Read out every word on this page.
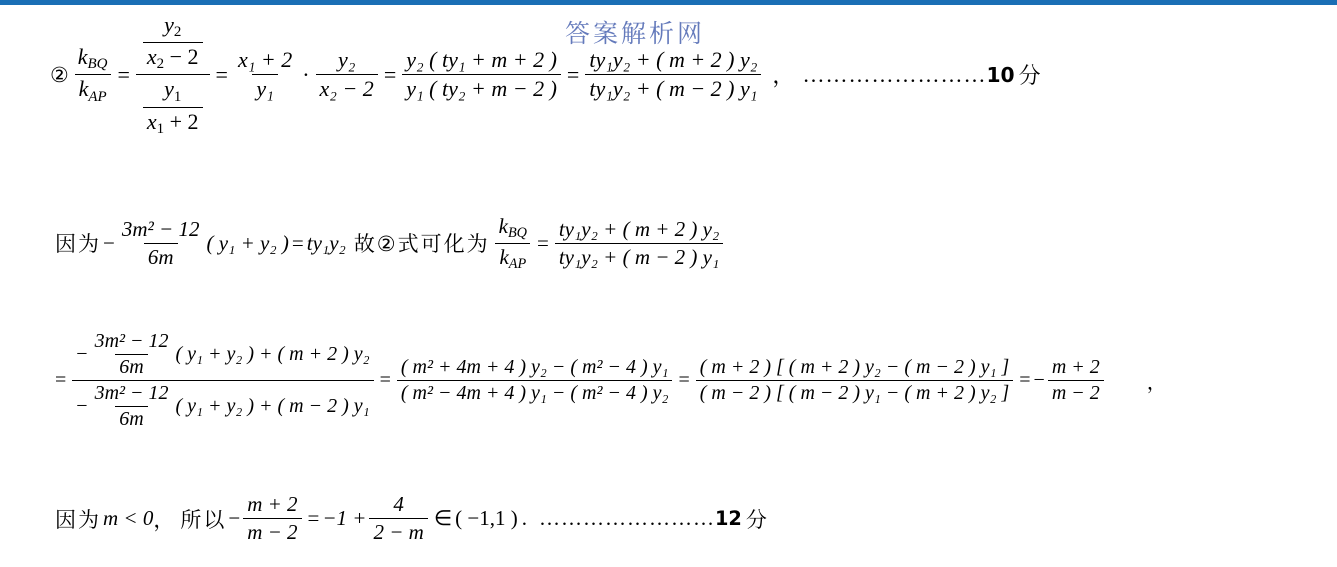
答案解析网
② $\frac{\text{kBQ}}{\text{kAP}} = \frac{\frac{y2}{x2 - 2}}{\frac{y1}{x1 + 2}} = \frac{\text{x₁ + 2}}{\text{y₁}} \cdot \frac{\text{y₂}}{\text{x₂ − 2}} = \frac{\text{y₂ ( ty₁ + m + 2 )}}{\text{y₁ ( ty₂ + m − 2 )}} = \frac{\text{ty₁y₂ + ( m + 2 ) y₂}}{\text{ty₁y₂ + ( m − 2 ) y₁}}$ ， …………………… 10 分
因为 − $\frac{\text{3m² − 12}}{6m}$ ( y₁ + y₂ ) = ty₁y₂ 故②式可化为 $\frac{\text{kBQ}}{\text{kAP}} = \frac{\text{ty₁y₂ + ( m + 2 ) y₂}}{\text{ty₁y₂ + ( m − 2 ) y₁}}$
=
− $\frac{\text{3m² − 12}}{6m}$ ( y₁ + y₂ ) + ( m + 2 ) y₂
− $\frac{\text{3m² − 12}}{6m}$ ( y₁ + y₂ ) + ( m − 2 ) y₁
= $\frac{\text{( m² + 4m + 4 ) y₂ − ( m² − 4 ) y₁}}{\text{( m² − 4m + 4 ) y₁ − ( m² − 4 ) y₂}} = \frac{\text{( m + 2 ) [ ( m + 2 ) y₂ − ( m − 2 ) y₁ ]}}{\text{( m − 2 ) [ ( m − 2 ) y₁ − ( m + 2 ) y₂ ]}}$ = − $\frac{m + 2}{m - 2}$	，
因为 m < 0 ， 所以 − $\frac{m + 2}{m - 2} = -1 + \frac{4}{2 - m}$ ∈ ( −1,1 ) . …………………… 12 分
